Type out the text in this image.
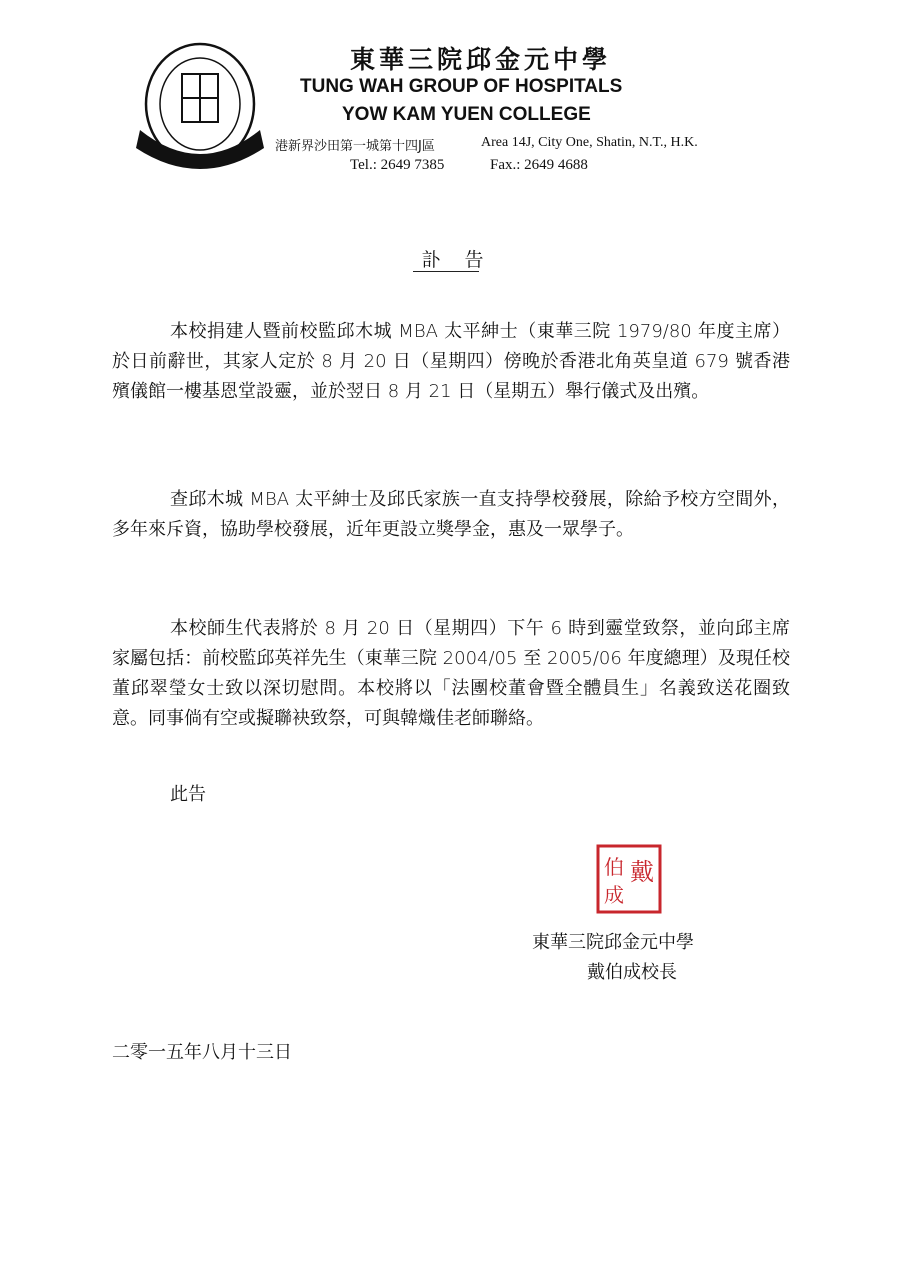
東華三院邱金元中學
TUNG WAH GROUP OF HOSPITALS
YOW KAM YUEN COLLEGE
港新界沙田第一城第十四J區	Area 14J, City One, Shatin, N.T., H.K.
Tel.: 2649 7385	Fax.: 2649 4688
訃告
本校捐建人暨前校監邱木城 MBA 太平紳士（東華三院 1979/80 年度主席）於日前辭世，其家人定於 8 月 20 日（星期四）傍晚於香港北角英皇道 679 號香港殯儀館一樓基恩堂設靈，並於翌日 8 月 21 日（星期五）舉行儀式及出殯。
查邱木城 MBA 太平紳士及邱氏家族一直支持學校發展，除給予校方空間外，多年來斥資，協助學校發展，近年更設立獎學金，惠及一眾學子。
本校師生代表將於 8 月 20 日（星期四）下午 6 時到靈堂致祭，並向邱主席家屬包括：前校監邱英祥先生（東華三院 2004/05 至 2005/06 年度總理）及現任校董邱翠瑩女士致以深切慰問。本校將以「法團校董會暨全體員生」名義致送花圈致意。同事倘有空或擬聯袂致祭，可與韓熾佳老師聯絡。
此告
戴
伯
成
東華三院邱金元中學
戴伯成校長
二零一五年八月十三日
